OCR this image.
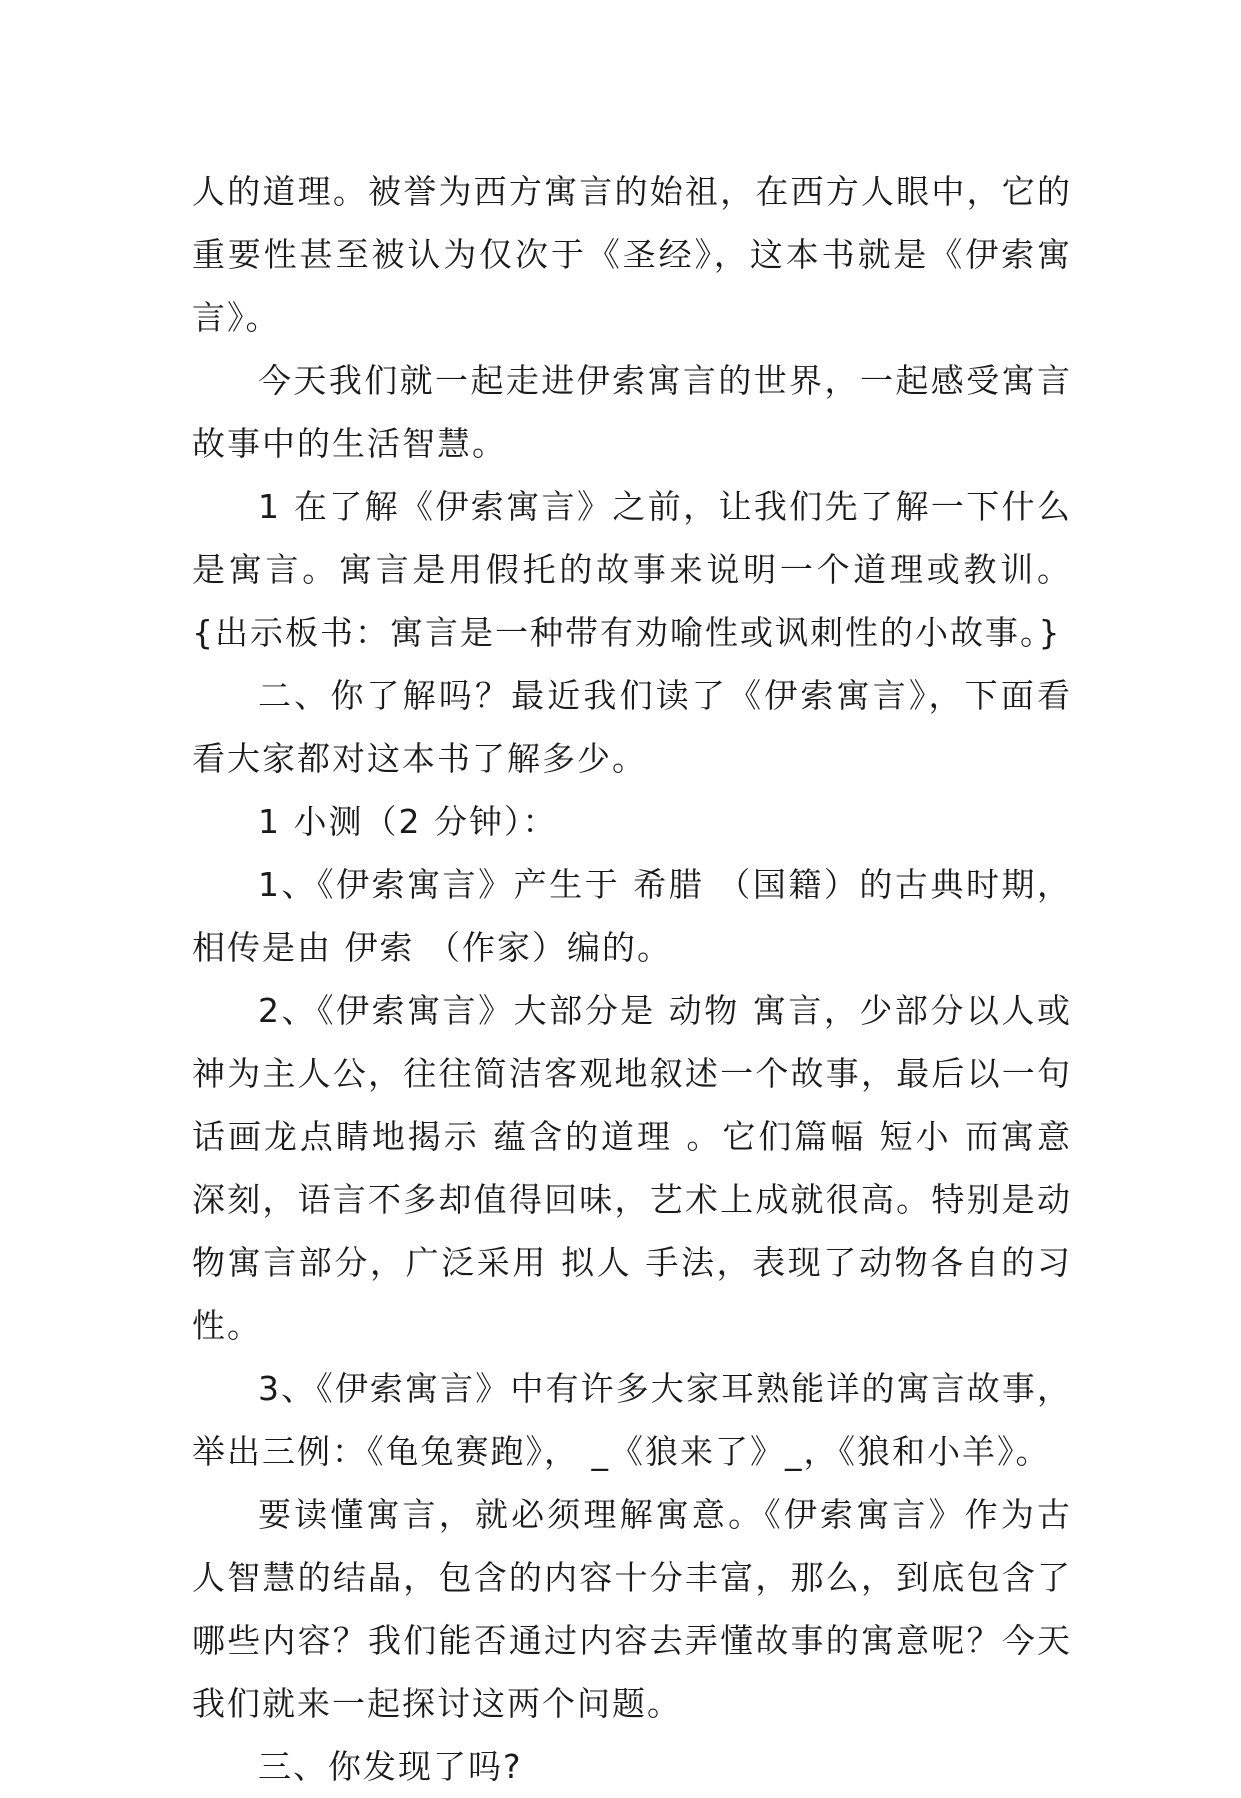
人的道理。被誉为西方寓言的始祖，在西方人眼中，它的重要性甚至被认为仅次于《圣经》，这本书就是《伊索寓言》。

今天我们就一起走进伊索寓言的世界，一起感受寓言故事中的生活智慧。

1 在了解《伊索寓言》之前，让我们先了解一下什么是寓言。寓言是用假托的故事来说明一个道理或教训。{出示板书：寓言是一种带有劝喻性或讽刺性的小故事。}

二、你了解吗？最近我们读了《伊索寓言》，下面看看大家都对这本书了解多少。

1 小测（2 分钟）：

1、《伊索寓言》产生于 希腊 （国籍）的古典时期，相传是由 伊索 （作家）编的。

2、《伊索寓言》大部分是 动物 寓言，少部分以人或神为主人公，往往简洁客观地叙述一个故事，最后以一句话画龙点睛地揭示 蕴含的道理 。它们篇幅 短小 而寓意 深刻，语言不多却值得回味，艺术上成就很高。特别是动物寓言部分，广泛采用 拟人 手法，表现了动物各自的习性。

3、《伊索寓言》中有许多大家耳熟能详的寓言故事，举出三例：《龟兔赛跑》， _《狼来了》_，《狼和小羊》。

要读懂寓言，就必须理解寓意。《伊索寓言》作为古人智慧的结晶，包含的内容十分丰富，那么，到底包含了哪些内容？我们能否通过内容去弄懂故事的寓意呢？今天我们就来一起探讨这两个问题。

三、你发现了吗?
